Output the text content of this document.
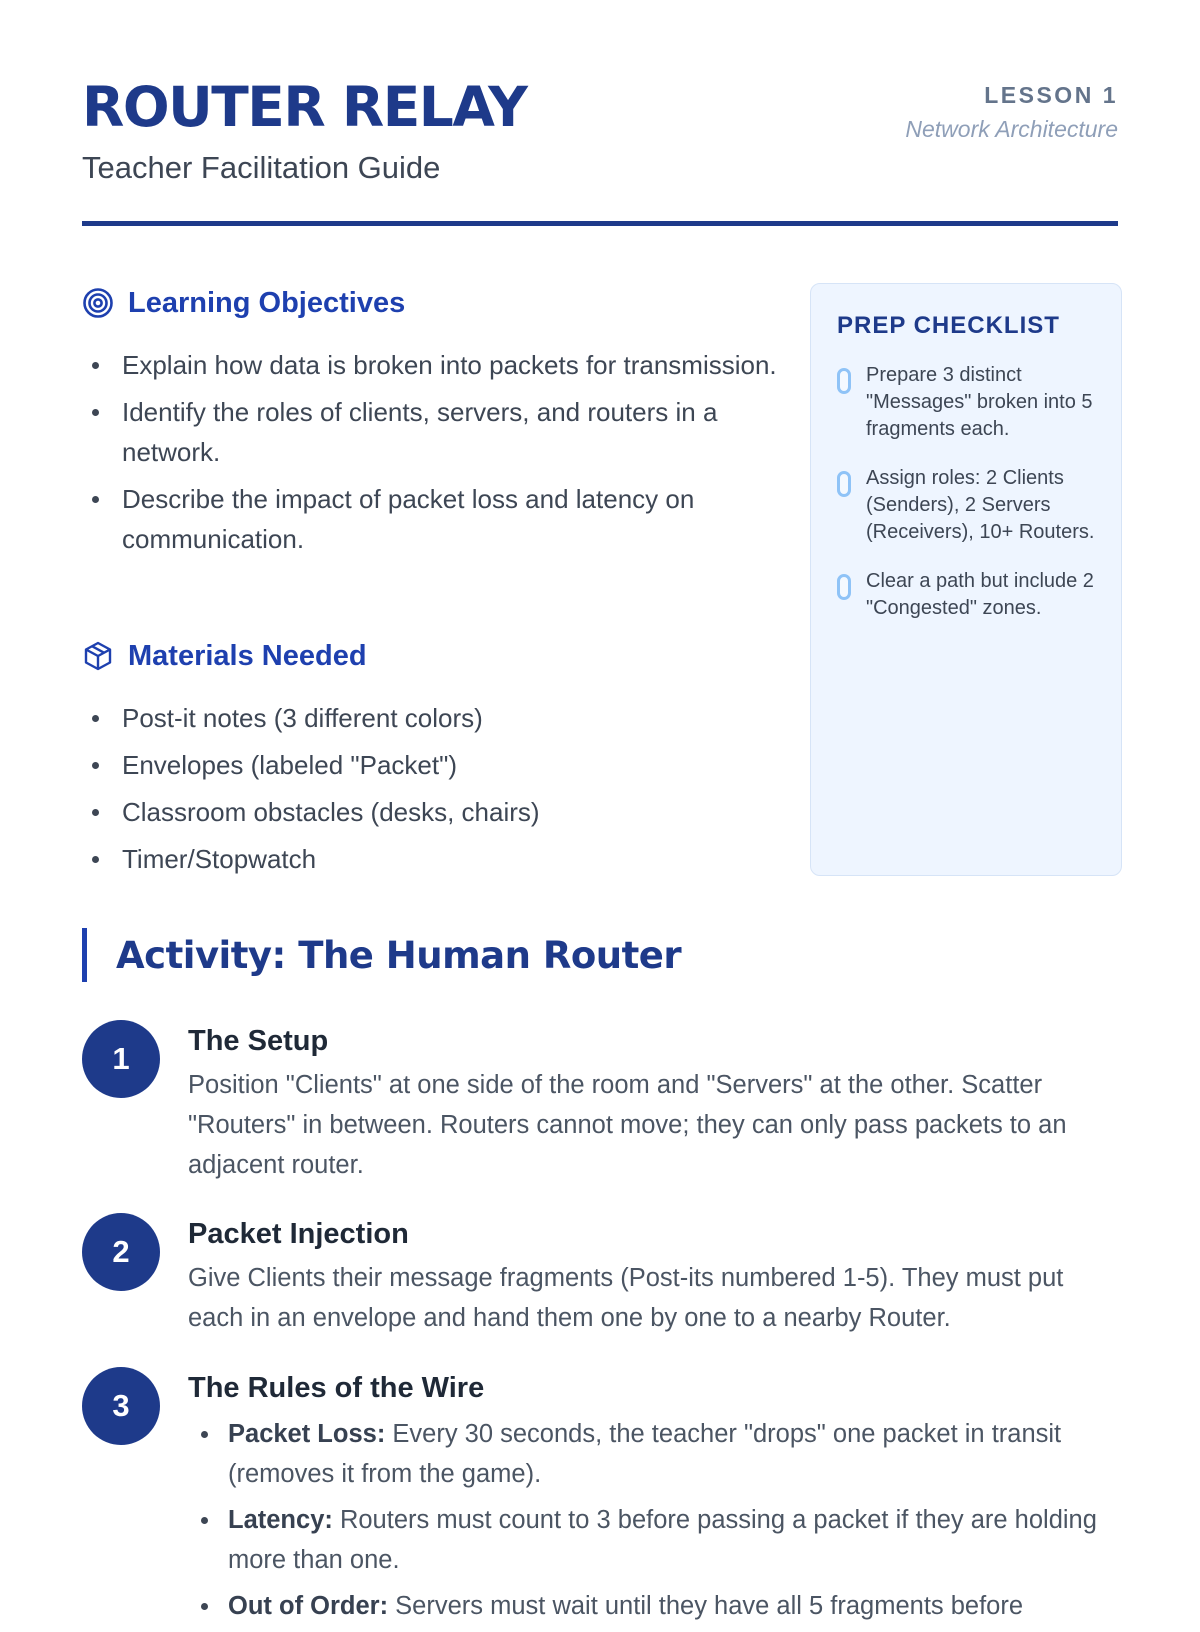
ROUTER RELAY
Teacher Facilitation Guide
LESSON 1
Network Architecture
Learning Objectives
Explain how data is broken into packets for transmission.
Identify the roles of clients, servers, and routers in a network.
Describe the impact of packet loss and latency on communication.
Materials Needed
Post-it notes (3 different colors)
Envelopes (labeled "Packet")
Classroom obstacles (desks, chairs)
Timer/Stopwatch
PREP CHECKLIST
Prepare 3 distinct "Messages" broken into 5 fragments each.
Assign roles: 2 Clients (Senders), 2 Servers (Receivers), 10+ Routers.
Clear a path but include 2 "Congested" zones.
Activity: The Human Router
1	The Setup
Position "Clients" at one side of the room and "Servers" at the other. Scatter "Routers" in between. Routers cannot move; they can only pass packets to an adjacent router.
2	Packet Injection
Give Clients their message fragments (Post-its numbered 1-5). They must put each in an envelope and hand them one by one to a nearby Router.
3	The Rules of the Wire
Packet Loss: Every 30 seconds, the teacher "drops" one packet in transit (removes it from the game).
Latency: Routers must count to 3 before passing a packet if they are holding more than one.
Out of Order: Servers must wait until they have all 5 fragments before
